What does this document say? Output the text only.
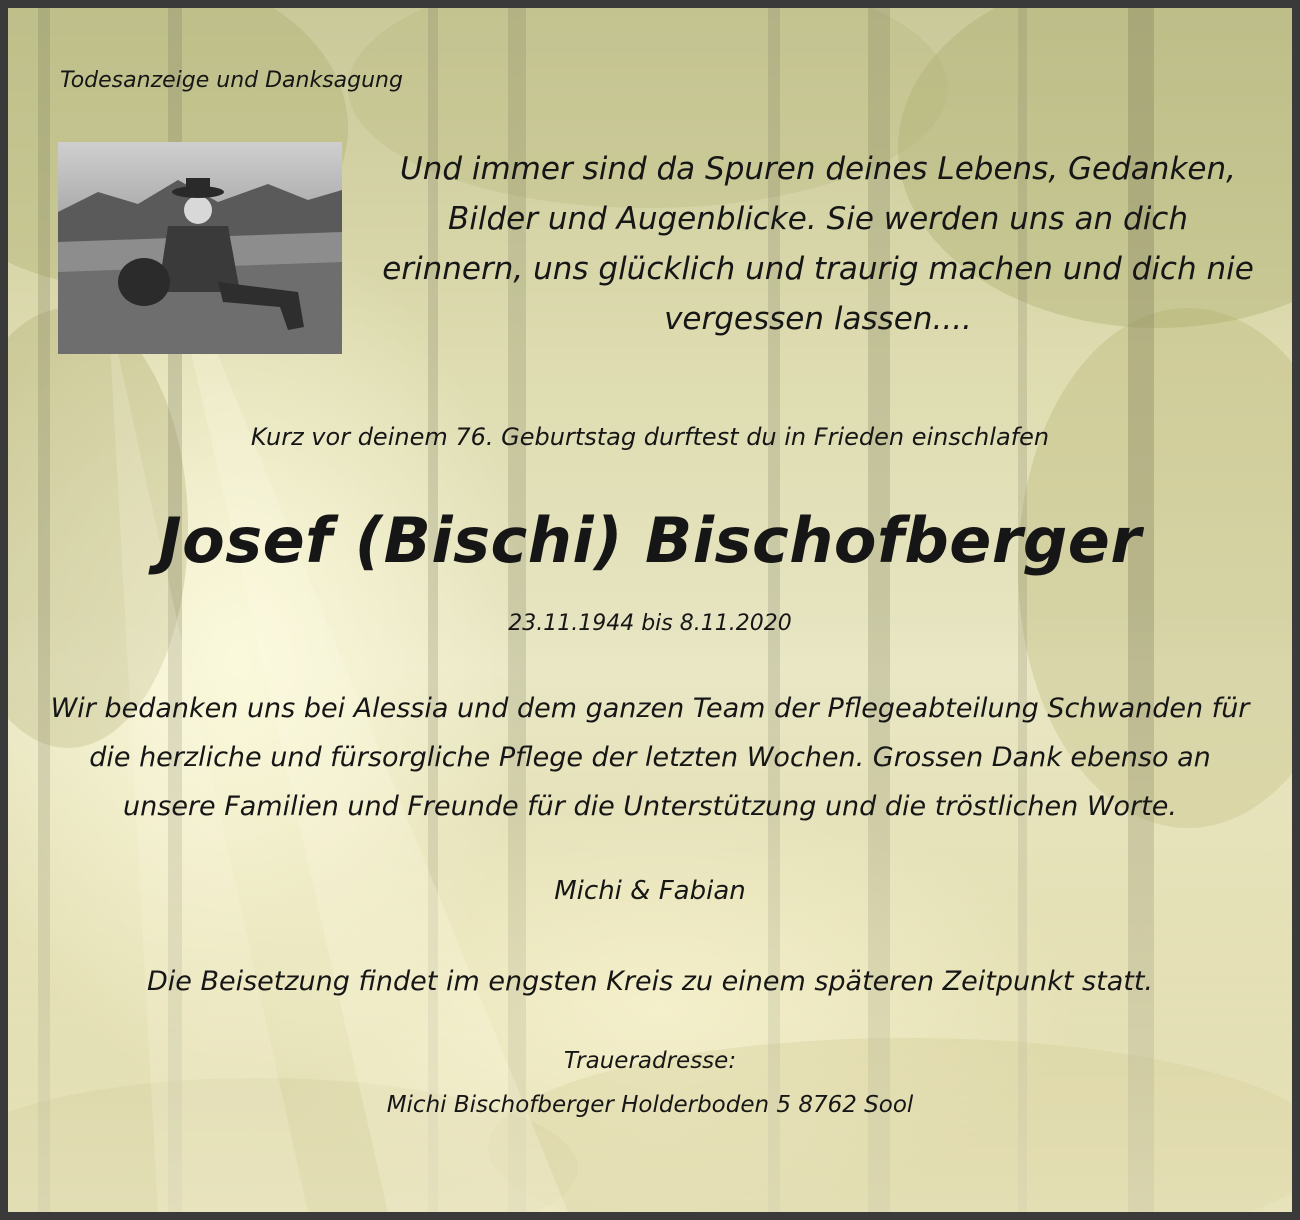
Todesanzeige und Danksagung
Und immer sind da Spuren deines Lebens, Gedanken, Bilder und Augenblicke. Sie werden uns an dich erinnern, uns glücklich und traurig machen und dich nie vergessen lassen....
Kurz vor deinem 76. Geburtstag durftest du in Frieden einschlafen
Josef (Bischi) Bischofberger
23.11.1944 bis 8.11.2020
Wir bedanken uns bei Alessia und dem ganzen Team der Pflegeabteilung Schwanden für die herzliche und fürsorgliche Pflege der letzten Wochen. Grossen Dank ebenso an unsere Familien und Freunde für die Unterstützung und die tröstlichen Worte.
Michi & Fabian
Die Beisetzung findet im engsten Kreis zu einem späteren Zeitpunkt statt.
Traueradresse:
Michi Bischofberger Holderboden 5 8762 Sool
